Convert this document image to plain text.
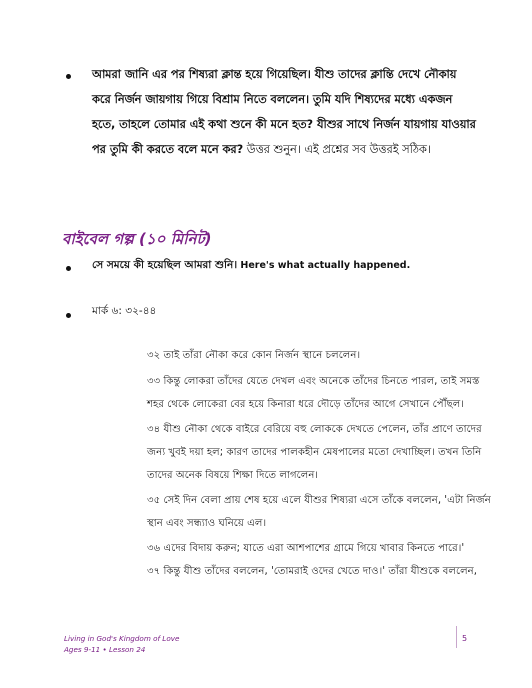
আমরা জানি এর পর শিষ্যরা ক্লান্ত হয়ে গিয়েছিল। যীশু তাদের ক্লান্তি দেখে নৌকায়
করে নির্জন জায়গায় গিয়ে বিশ্রাম নিতে বললেন। তুমি যদি শিষ্যদের মধ্যে একজন
হতে, তাহলে তোমার এই কথা শুনে কী মনে হত? যীশুর সাথে নির্জন যায়গায় যাওয়ার
পর তুমি কী করতে বলে মনে কর? উত্তর শুনুন। এই প্রশ্নের সব উত্তরই সঠিক।
বাইবেল গল্প (১০ মিনিট)
সে সময়ে কী হয়েছিল আমরা শুনি। Here's what actually happened.
মার্ক ৬: ৩২-৪৪
৩২ তাই তাঁরা নৌকা করে কোন নির্জন স্থানে চললেন।
৩৩ কিন্তু লোকরা তাঁদের যেতে দেখল এবং অনেকে তাঁদের চিনতে পারল, তাই সমস্ত
শহর থেকে লোকেরা বের হয়ে কিনারা ধরে দৌড়ে তাঁদের আগে সেখানে পৌঁছল।
৩৪ যীশু নৌকা থেকে বাইরে বেরিয়ে বহু লোককে দেখতে পেলেন, তাঁর প্রাণে তাদের
জন্য খুবই দয়া হল; কারণ তাদের পালকহীন মেষপালের মতো দেখাচ্ছিল। তখন তিনি
তাদের অনেক বিষয়ে শিক্ষা দিতে লাগলেন।
৩৫ সেই দিন বেলা প্রায় শেষ হয়ে এলে যীশুর শিষ্যরা এসে তাঁকে বললেন, 'এটা নির্জন
স্থান এবং সন্ধ্যাও ঘনিয়ে এল।
৩৬ এদের বিদায় করুন; যাতে এরা আশপাশের গ্রামে গিয়ে খাবার কিনতে পারে।'
৩৭ কিন্তু যীশু তাঁদের বললেন, 'তোমরাই ওদের খেতে দাও।' তাঁরা যীশুকে বললেন,
Living in God's Kingdom of Love
Ages 9-11 • Lesson 24
5
